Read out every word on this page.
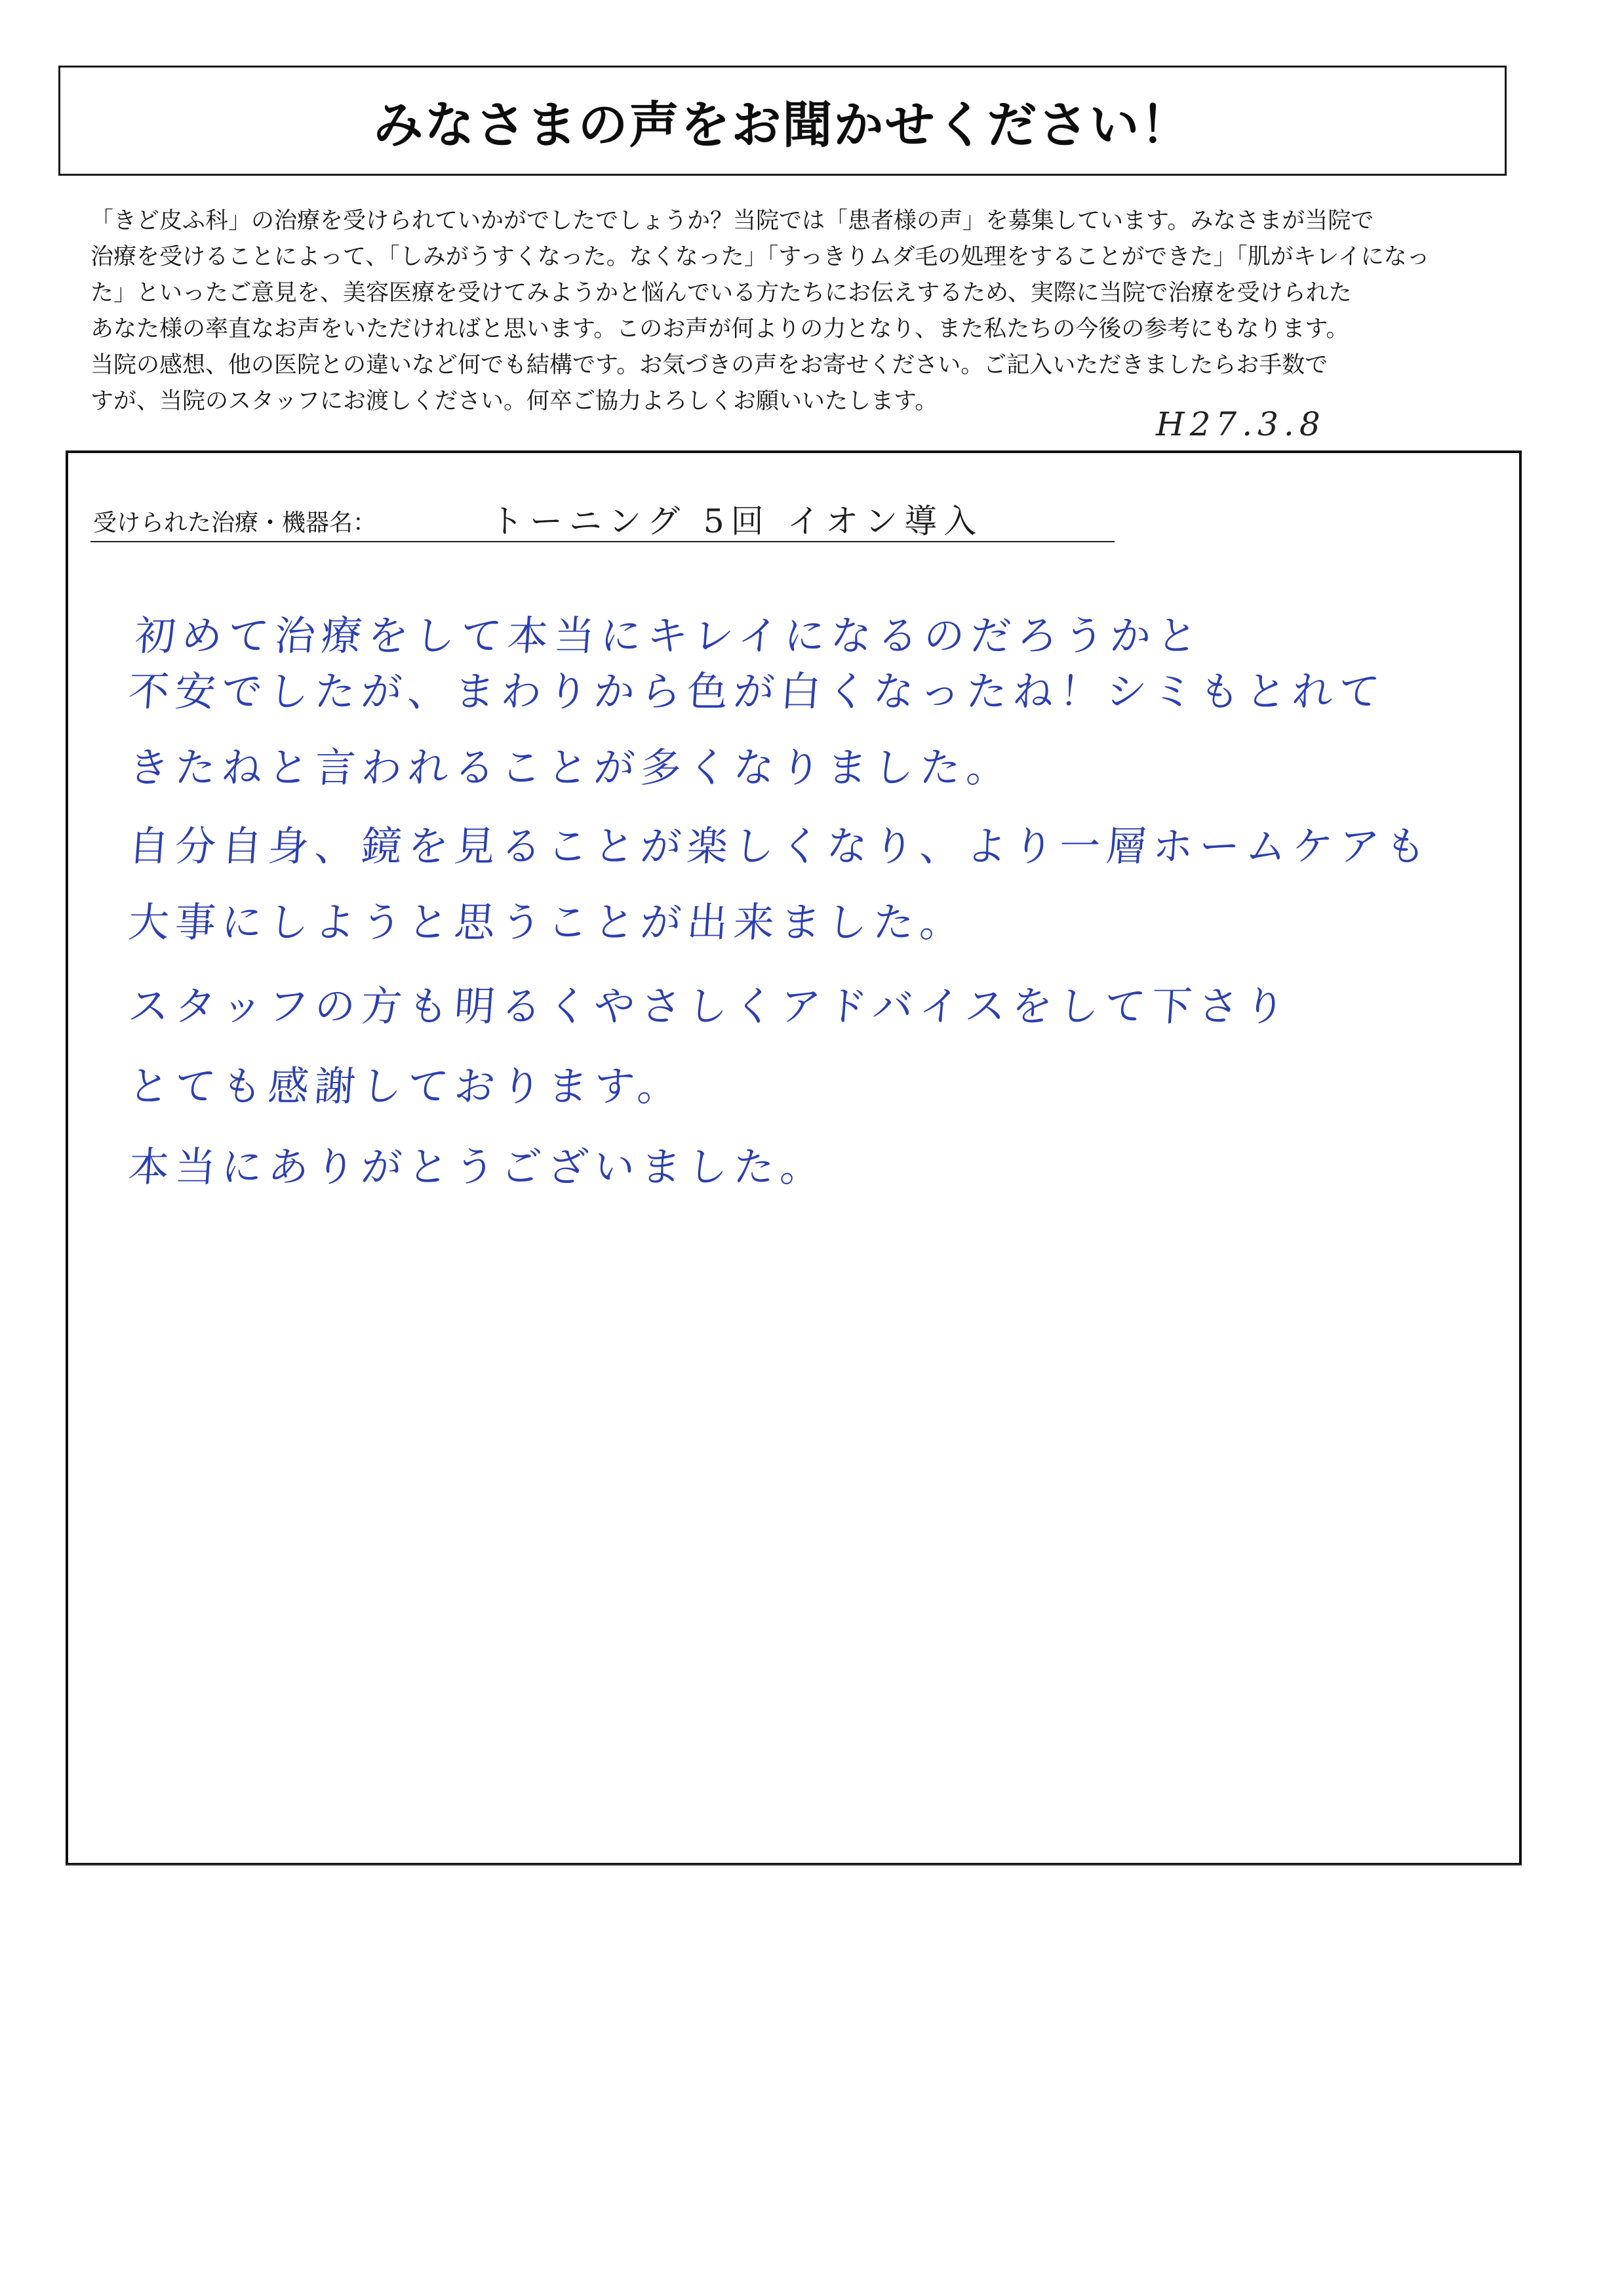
みなさまの声をお聞かせください！
「きど皮ふ科」の治療を受けられていかがでしたでしょうか？当院では「患者様の声」を募集しています。みなさまが当院で
治療を受けることによって、「しみがうすくなった。なくなった」「すっきりムダ毛の処理をすることができた」「肌がキレイになっ
た」といったご意見を、美容医療を受けてみようかと悩んでいる方たちにお伝えするため、実際に当院で治療を受けられた
あなた様の率直なお声をいただければと思います。このお声が何よりの力となり、また私たちの今後の参考にもなります。
当院の感想、他の医院との違いなど何でも結構です。お気づきの声をお寄せください。ご記入いただきましたらお手数で
すが、当院のスタッフにお渡しください。何卒ご協力よろしくお願いいたします。
H27.3.8
受けられた治療・機器名：	トーニング 5回 イオン導入
初めて治療をして本当にキレイになるのだろうかと
不安でしたが、まわりから色が白くなったね！シミもとれて
きたねと言われることが多くなりました。
自分自身、鏡を見ることが楽しくなり、より一層ホームケアも
大事にしようと思うことが出来ました。
スタッフの方も明るくやさしくアドバイスをして下さり
とても感謝しております。
本当にありがとうございました。
